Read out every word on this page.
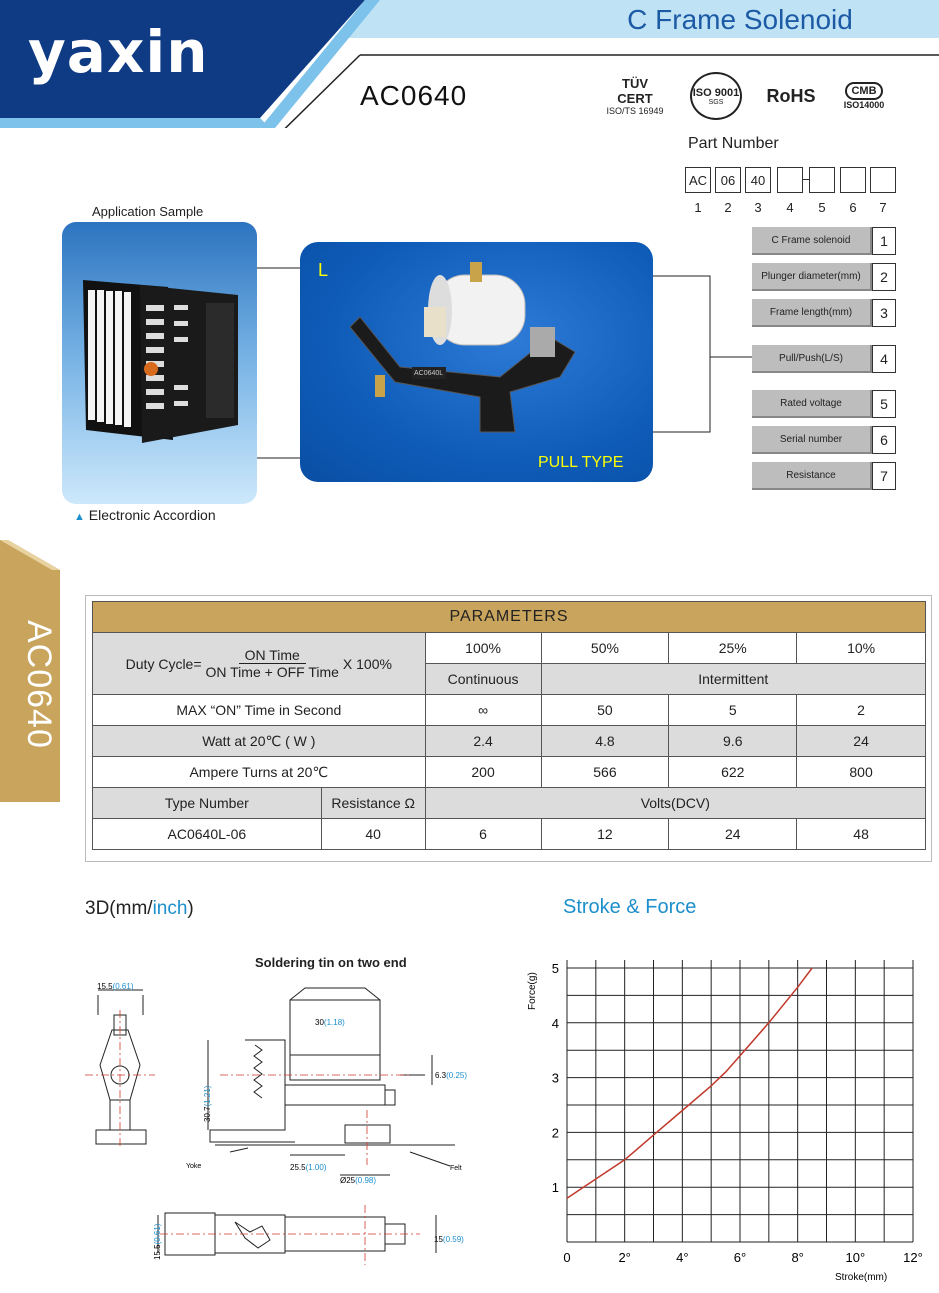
yaxin	C Frame Solenoid
AC0640	TÜV
CERT
ISO/TS 16949
ISO 9001
SGS RoHS	CMB
ISO14000
Part Number
AC	06	40
1	2	3	4	5	6	7
C Frame solenoid	1
Plunger diameter(mm)	2
Frame length(mm)	3
Pull/Push(L/S)	4
Rated voltage	5
Serial number	6
Resistance	7
Application Sample
▲ Electronic Accordion
L
AC0640L
PULL TYPE
AC0640
PARAMETERS					

Duty Cycle=
ON Time
ON Time + OFF Time
X 100%		100%	50%	25%	10%
		Continuous	Intermittent		
MAX “ON” Time in Second		∞	50	5	2
Watt at 20℃ ( W )		2.4	4.8	9.6	24
Ampere Turns at 20℃		200	566	622	800
Type Number	Resistance Ω	Volts(DCV)			
AC0640L-06	40	6	12	24	48
3D(mm/inch)
Soldering tin on two end
15.5(0.61)
30(1.18)
6.3(0.25)
30.7(1.21)
25.5(1.00)
Ø25(0.98)
15(0.59)
15.5(0.61)
Yoke	Felt
Stroke & Force
0	2°	4°	6°	8°	10°	12°
1
2
3
4
5
Stroke(mm)
Force(g)
